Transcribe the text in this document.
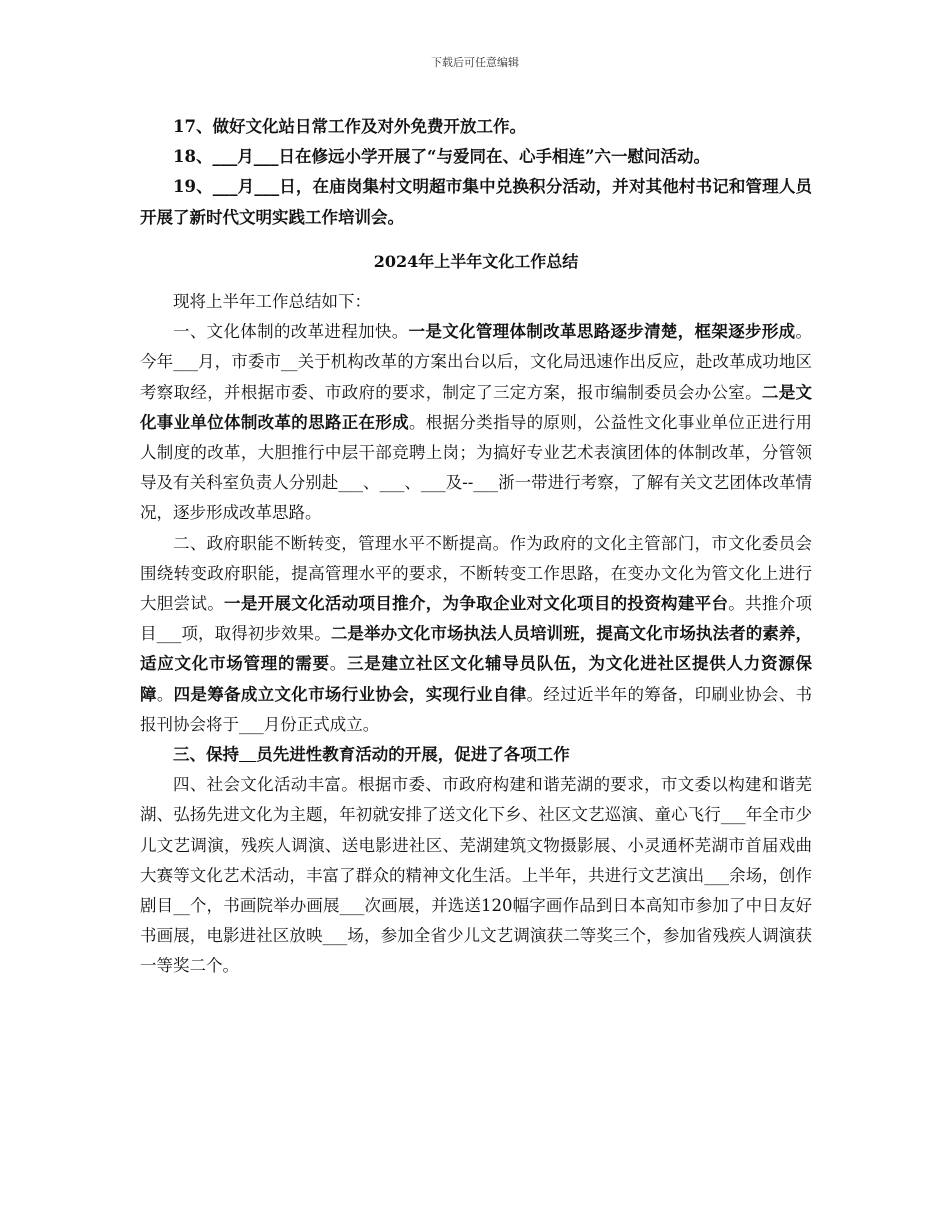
下载后可任意编辑

17、做好文化站日常工作及对外免费开放工作。

18、___月___日在修远小学开展了“与爱同在、心手相连”六一慰问活动。

19、___月___日，在庙岗集村文明超市集中兑换积分活动，并对其他村书记和管理人员开展了新时代文明实践工作培训会。

2024年上半年文化工作总结

现将上半年工作总结如下：

一、文化体制的改革进程加快。一是文化管理体制改革思路逐步清楚，框架逐步形成。今年___月，市委市__关于机构改革的方案出台以后，文化局迅速作出反应，赴改革成功地区考察取经，并根据市委、市政府的要求，制定了三定方案，报市编制委员会办公室。二是文化事业单位体制改革的思路正在形成。根据分类指导的原则，公益性文化事业单位正进行用人制度的改革，大胆推行中层干部竞聘上岗；为搞好专业艺术表演团体的体制改革，分管领导及有关科室负责人分别赴___、___、___及--___浙一带进行考察，了解有关文艺团体改革情况，逐步形成改革思路。

二、政府职能不断转变，管理水平不断提高。作为政府的文化主管部门，市文化委员会围绕转变政府职能，提高管理水平的要求，不断转变工作思路，在变办文化为管文化上进行大胆尝试。一是开展文化活动项目推介，为争取企业对文化项目的投资构建平台。共推介项目___项，取得初步效果。二是举办文化市场执法人员培训班，提高文化市场执法者的素养，适应文化市场管理的需要。三是建立社区文化辅导员队伍，为文化进社区提供人力资源保障。四是筹备成立文化市场行业协会，实现行业自律。经过近半年的筹备，印刷业协会、书报刊协会将于___月份正式成立。

三、保持 员先进性教育活动的开展，促进了各项工作

四、社会文化活动丰富。根据市委、市政府构建和谐芜湖的要求，市文委以构建和谐芜湖、弘扬先进文化为主题，年初就安排了送文化下乡、社区文艺巡演、童心飞行___年全市少儿文艺调演，残疾人调演、送电影进社区、芜湖建筑文物摄影展、小灵通杯芜湖市首届戏曲大赛等文化艺术活动，丰富了群众的精神文化生活。上半年，共进行文艺演出___余场，创作剧目__个，书画院举办画展___次画展，并选送120幅字画作品到日本高知市参加了中日友好书画展，电影进社区放映___场，参加全省少儿文艺调演获二等奖三个，参加省残疾人调演获一等奖二个。
